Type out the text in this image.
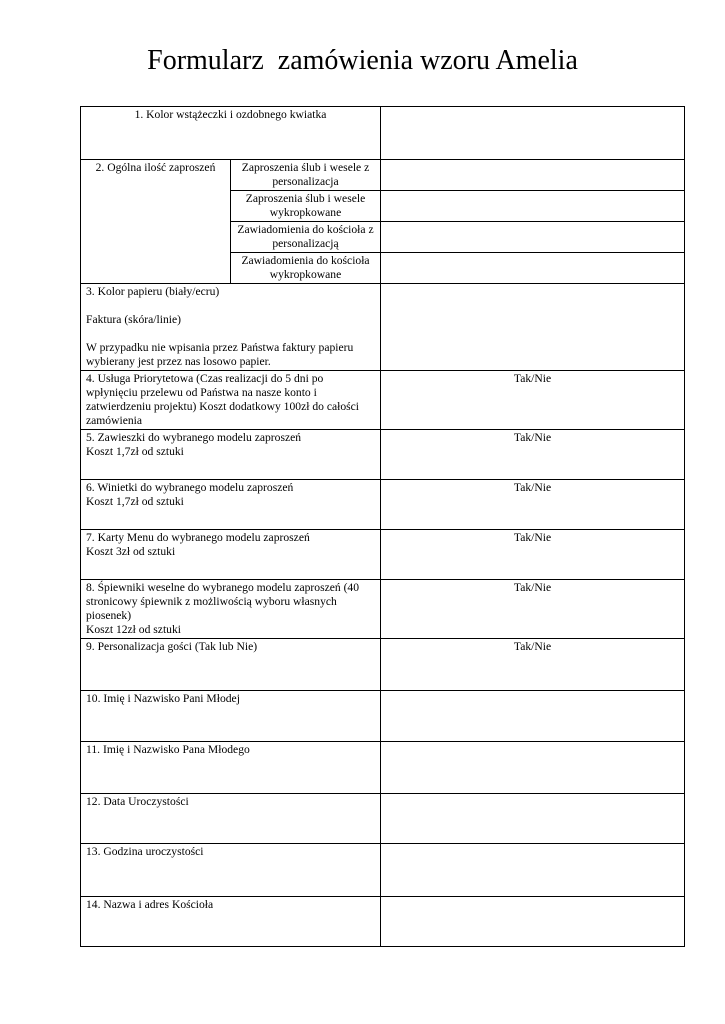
Formularz  zamówienia wzoru Amelia
1. Kolor wstążeczki i ozdobnego kwiatka		
2. Ogólna ilość zaproszeń	Zaproszenia ślub i wesele z personalizacja	
	Zaproszenia ślub i wesele wykropkowane	
	Zawiadomienia do kościoła z personalizacją	
	Zawiadomienia do kościoła wykropkowane	

3. Kolor papieru (biały/ecru)
Faktura (skóra/linie)
W przypadku nie wpisania przez Państwa faktury papieru wybierany jest przez nas losowo papier.		

4. Usługa Priorytetowa (Czas realizacji do 5 dni po wpłynięciu przelewu od Państwa na nasze konto i zatwierdzeniu projektu) Koszt dodatkowy 100zł do całości zamówienia		Tak/Nie

5. Zawieszki do wybranego modelu zaproszeń
Koszt 1,7zł od sztuki		Tak/Nie

6. Winietki do wybranego modelu zaproszeń
Koszt 1,7zł od sztuki		Tak/Nie

7. Karty Menu do wybranego modelu zaproszeń
Koszt 3zł od sztuki		Tak/Nie

8. Śpiewniki weselne do wybranego modelu zaproszeń (40 stronicowy śpiewnik z możliwością wyboru własnych piosenek)
Koszt 12zł od sztuki		Tak/Nie
9. Personalizacja gości (Tak lub Nie)		Tak/Nie
10. Imię i Nazwisko Pani Młodej		
11. Imię i Nazwisko Pana Młodego		
12. Data Uroczystości		
13. Godzina uroczystości		
14. Nazwa i adres Kościoła		
